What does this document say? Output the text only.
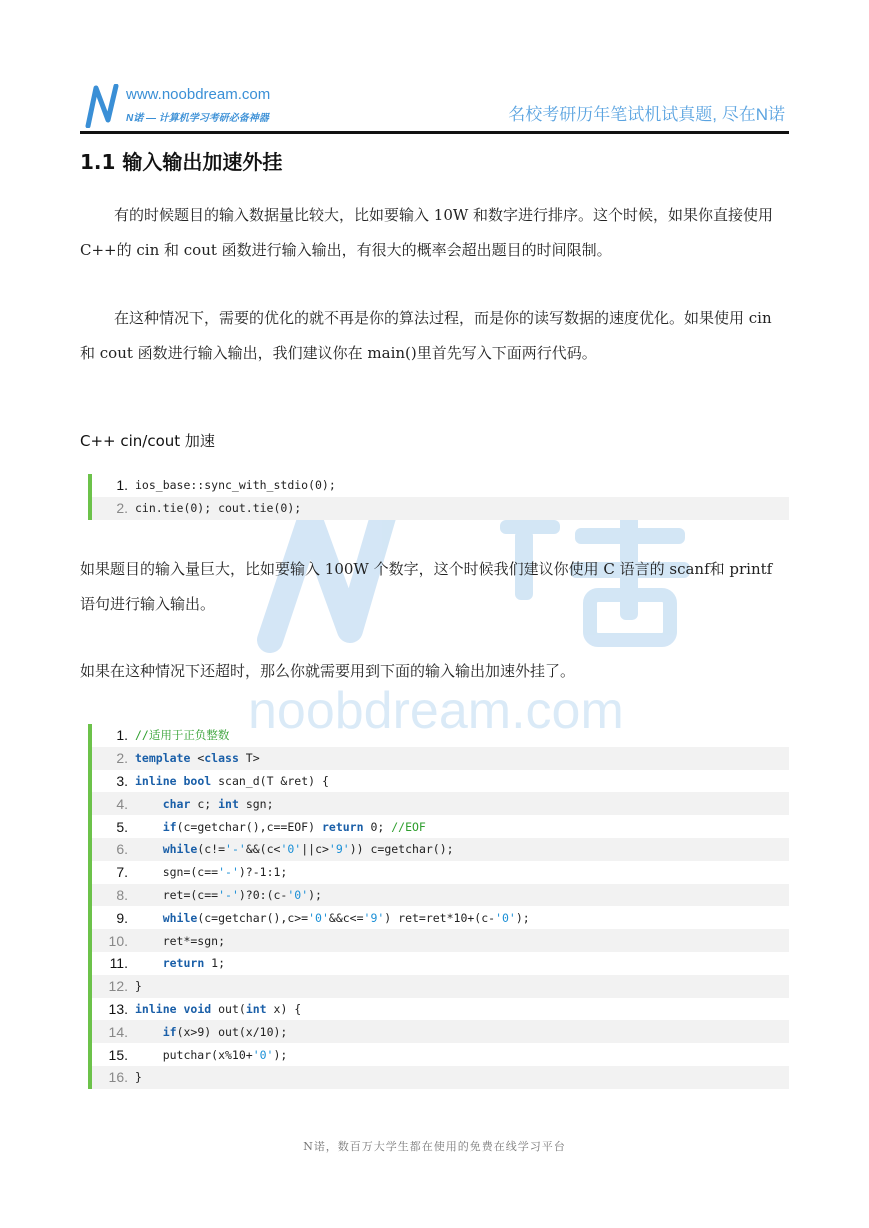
www.noobdream.com
N诺 — 计算机学习考研必备神器	名校考研历年笔试机试真题, 尽在N诺
noobdream.com
1.1 输入输出加速外挂
有的时候题目的输入数据量比较大，比如要输入 10W 和数字进行排序。这个时候，如果你直接使用 C++的 cin 和 cout 函数进行输入输出，有很大的概率会超出题目的时间限制。
在这种情况下，需要的优化的就不再是你的算法过程，而是你的读写数据的速度优化。如果使用 cin 和 cout 函数进行输入输出，我们建议你在 main()里首先写入下面两行代码。
C++ cin/cout 加速
1. ios_base::sync_with_stdio(0);
2. cin.tie(0); cout.tie(0);
如果题目的输入量巨大，比如要输入 100W 个数字，这个时候我们建议你使用 C 语言的 scanf和 printf 语句进行输入输出。
如果在这种情况下还超时，那么你就需要用到下面的输入输出加速外挂了。
1. //适用于正负整数
2. template <class T>
3. inline bool scan_d(T &ret) {
4.	char c; int sgn;
5.	if(c=getchar(),c==EOF) return 0; //EOF
6.	while(c!='-'&&(c<'0'||c>'9')) c=getchar();
7. sgn=(c=='-')?-1:1;
8. ret=(c=='-')?0:(c-'0');
9.	while(c=getchar(),c>='0'&&c<='9') ret=ret*10+(c-'0');
10. ret*=sgn;
11.	return 1;
12. }
13. inline void out(int x) {
14.	if(x>9) out(x/10);
15. putchar(x%10+'0');
16. }
N诺，数百万大学生都在使用的免费在线学习平台
